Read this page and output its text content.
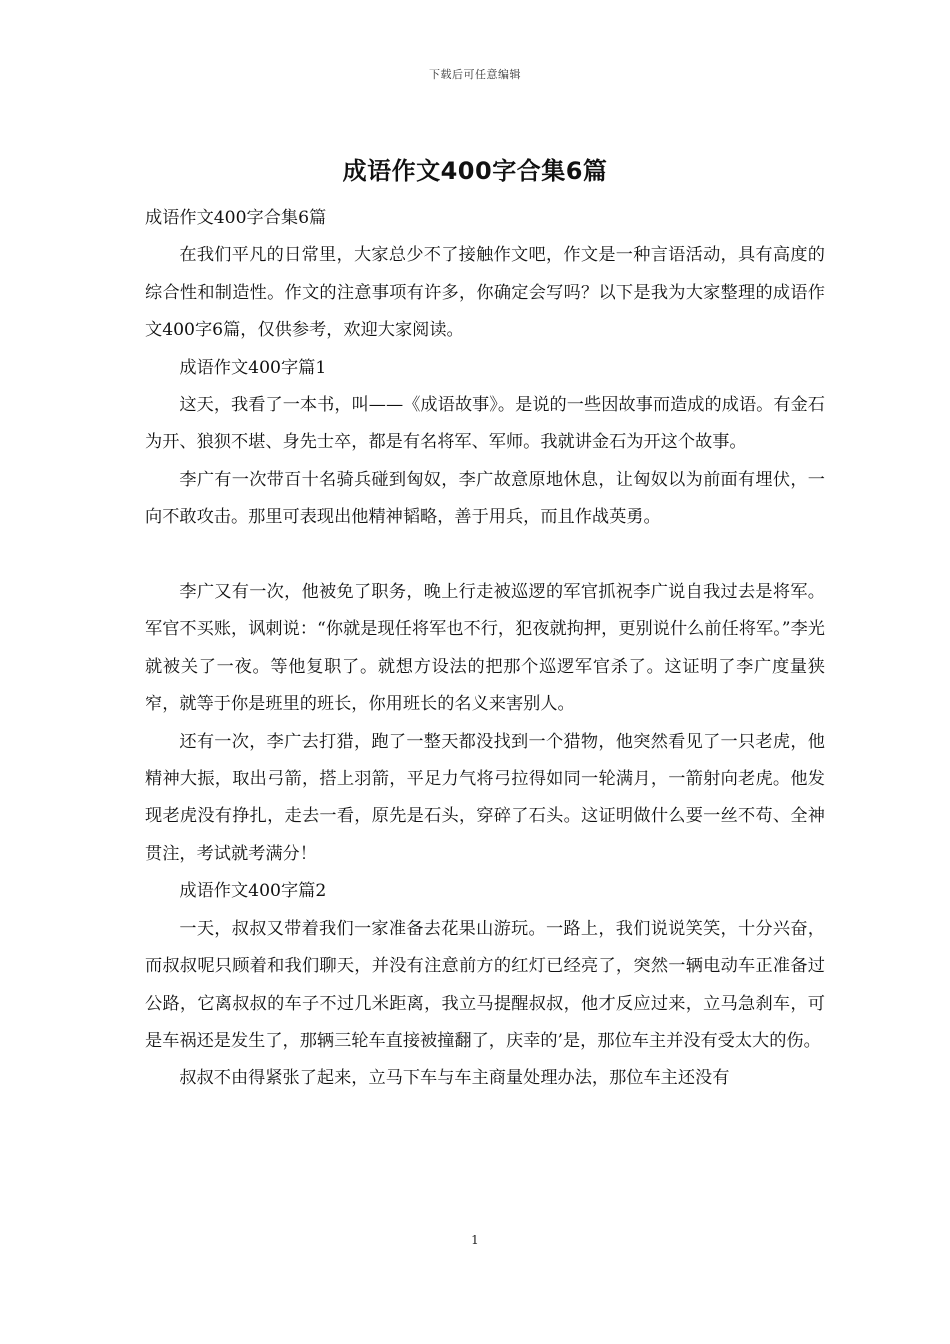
下载后可任意编辑
成语作文400字合集6篇

成语作文400字合集6篇

在我们平凡的日常里，大家总少不了接触作文吧，作文是一种言语活动，具有高度的综合性和制造性。作文的注意事项有许多，你确定会写吗？以下是我为大家整理的成语作文400字6篇，仅供参考，欢迎大家阅读。

成语作文400字篇1

这天，我看了一本书，叫——《成语故事》。是说的一些因故事而造成的成语。有金石为开、狼狈不堪、身先士卒，都是有名将军、军师。我就讲金石为开这个故事。

李广有一次带百十名骑兵碰到匈奴，李广故意原地休息，让匈奴以为前面有埋伏，一向不敢攻击。那里可表现出他精神韬略，善于用兵，而且作战英勇。

李广又有一次，他被免了职务，晚上行走被巡逻的军官抓祝李广说自我过去是将军。军官不买账，讽刺说：“你就是现任将军也不行，犯夜就拘押，更别说什么前任将军。”李光就被关了一夜。等他复职了。就想方设法的把那个巡逻军官杀了。这证明了李广度量狭窄，就等于你是班里的班长，你用班长的名义来害别人。

还有一次，李广去打猎，跑了一整天都没找到一个猎物，他突然看见了一只老虎，他精神大振，取出弓箭，搭上羽箭，平足力气将弓拉得如同一轮满月，一箭射向老虎。他发现老虎没有挣扎，走去一看，原先是石头，穿碎了石头。这证明做什么要一丝不苟、全神贯注，考试就考满分！

成语作文400字篇2

一天，叔叔又带着我们一家准备去花果山游玩。一路上，我们说说笑笑，十分兴奋，而叔叔呢只顾着和我们聊天，并没有注意前方的红灯已经亮了，突然一辆电动车正准备过公路，它离叔叔的车子不过几米距离，我立马提醒叔叔，他才反应过来，立马急刹车，可是车祸还是发生了，那辆三轮车直接被撞翻了，庆幸的’是，那位车主并没有受太大的伤。

叔叔不由得紧张了起来，立马下车与车主商量处理办法，那位车主还没有

1
